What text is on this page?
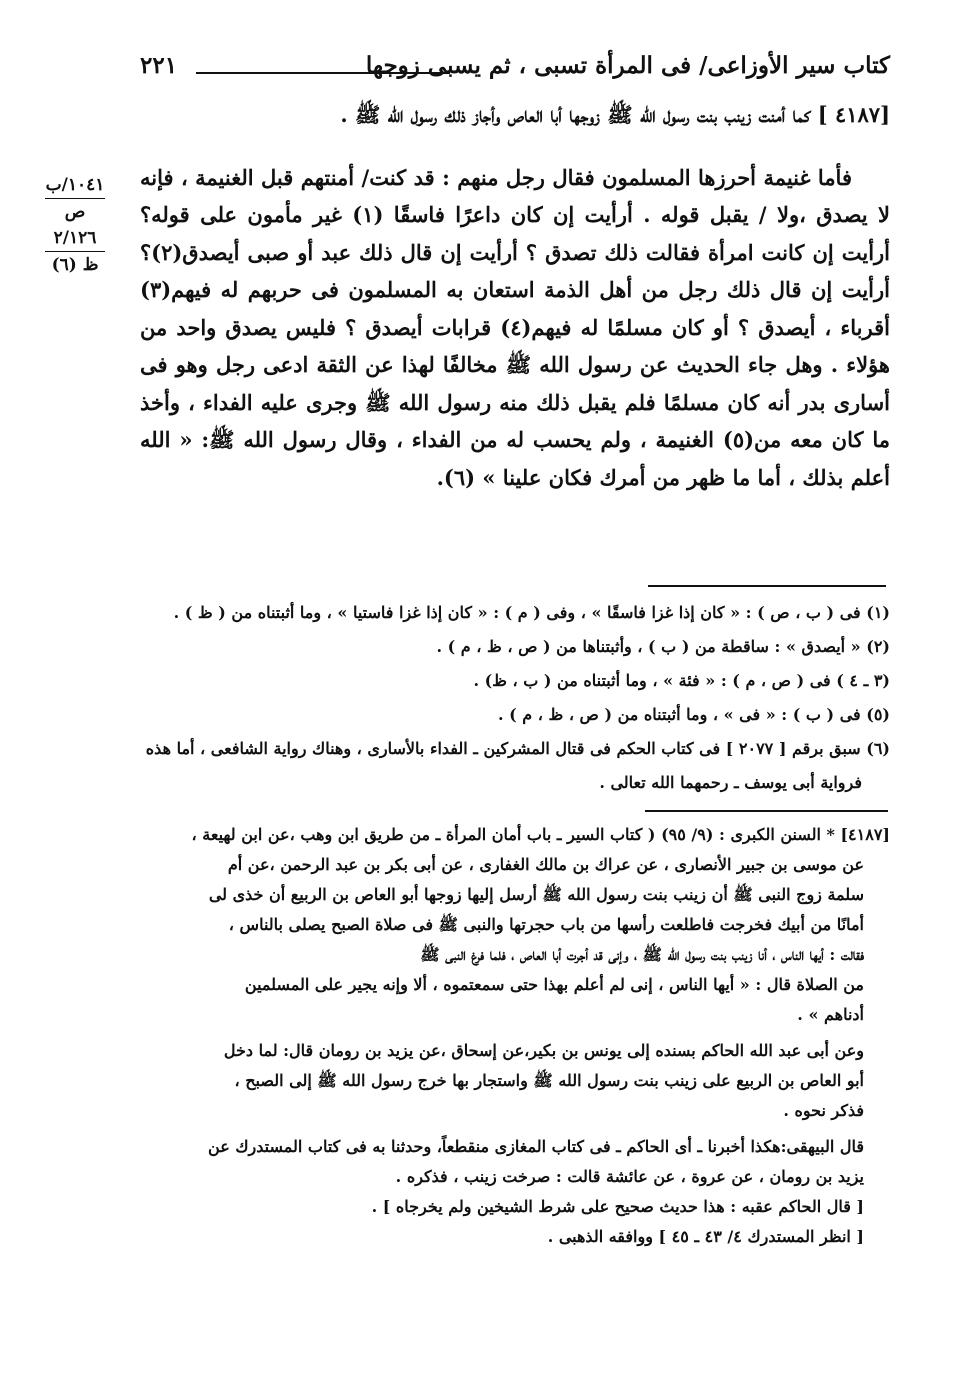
كتاب سير الأوزاعى/ فى المرأة تسبى ، ثم يسبى زوجها
٢٢١
١٠٤١/ب
ص
٢/١٢٦
ظ (٦)

[٤١٨٧ ] كما أمنت زينب بنت رسول الله ﷺ زوجها أبا العاص وأجاز ذلك رسول الله ﷺ .

فأما غنيمة أحرزها المسلمون فقال رجل منهم : قد كنت/ أمنتهم قبل الغنيمة ، فإنه لا يصدق ،ولا / يقبل قوله . أرأيت إن كان داعرًا فاسقًا (١) غير مأمون على قوله؟ أرأيت إن كانت امرأة فقالت ذلك تصدق ؟ أرأيت إن قال ذلك عبد أو صبى أيصدق(٢)؟ أرأيت إن قال ذلك رجل من أهل الذمة استعان به المسلمون فى حربهم له فيهم(٣) أقرباء ، أيصدق ؟ أو كان مسلمًا له فيهم(٤) قرابات أيصدق ؟ فليس يصدق واحد من هؤلاء . وهل جاء الحديث عن رسول الله ﷺ مخالفًا لهذا عن الثقة ادعى رجل وهو فى أسارى بدر أنه كان مسلمًا فلم يقبل ذلك منه رسول الله ﷺ وجرى عليه الفداء ، وأخذ ما كان معه من(٥) الغنيمة ، ولم يحسب له من الفداء ، وقال رسول الله ﷺ: « الله أعلم بذلك ، أما ما ظهر من أمرك فكان علينا » (٦).

(١) فى ( ب ، ص ) : « كان إذا غزا فاسقًا » ، وفى ( م ) : « كان إذا غزا فاستيا » ، وما أثبتناه من ( ظ ) .
(٢) « أيصدق » : ساقطة من ( ب ) ، وأثبتناها من ( ص ، ظ ، م ) .
(٣ ـ ٤ ) فى ( ص ، م ) : « فئة » ، وما أثبتناه من ( ب ، ظ) .
(٥) فى ( ب ) : « فى » ، وما أثبتناه من ( ص ، ظ ، م ) .
(٦) سبق برقم [ ٢٠٧٧ ] فى كتاب الحكم فى قتال المشركين ـ الفداء بالأسارى ، وهناك رواية الشافعى ، أما هذه
فرواية أبى يوسف ـ رحمهما الله تعالى .
[٤١٨٧] * السنن الكبرى : (٩/ ٩٥) ( كتاب السير ـ باب أمان المرأة ـ من طريق ابن وهب ،عن ابن لهيعة ،
عن موسى بن جبير الأنصارى ، عن عراك بن مالك الغفارى ، عن أبى بكر بن عبد الرحمن ،عن أم
سلمة زوج النبى ﷺ أن زينب بنت رسول الله ﷺ أرسل إليها زوجها أبو العاص بن الربيع أن خذى لى
أمانًا من أبيك فخرجت فاطلعت رأسها من باب حجرتها والنبى ﷺ فى صلاة الصبح يصلى بالناس ،
فقالت : أيها الناس ، أنا زينب بنت رسول الله ﷺ ، وإنى قد أجرت أبا العاص ، فلما فرغ النبى ﷺ
من الصلاة قال : « أيها الناس ، إنى لم أعلم بهذا حتى سمعتموه ، ألا وإنه يجير على المسلمين
أدناهم » .
وعن أبى عبد الله الحاكم بسنده إلى يونس بن بكير،عن إسحاق ،عن يزيد بن رومان قال: لما دخل
أبو العاص بن الربيع على زينب بنت رسول الله ﷺ واستجار بها خرج رسول الله ﷺ إلى الصبح ،
فذكر نحوه .
قال البيهقى:هكذا أخبرنا ـ أى الحاكم ـ فى كتاب المغازى منقطعاً، وحدثنا به فى كتاب المستدرك عن
يزيد بن رومان ، عن عروة ، عن عائشة قالت : صرخت زينب ، فذكره .
[ قال الحاكم عقبه : هذا حديث صحيح على شرط الشيخين ولم يخرجاه ] .
[ انظر المستدرك ٤/ ٤٣ ـ ٤٥ ] ووافقه الذهبى .
